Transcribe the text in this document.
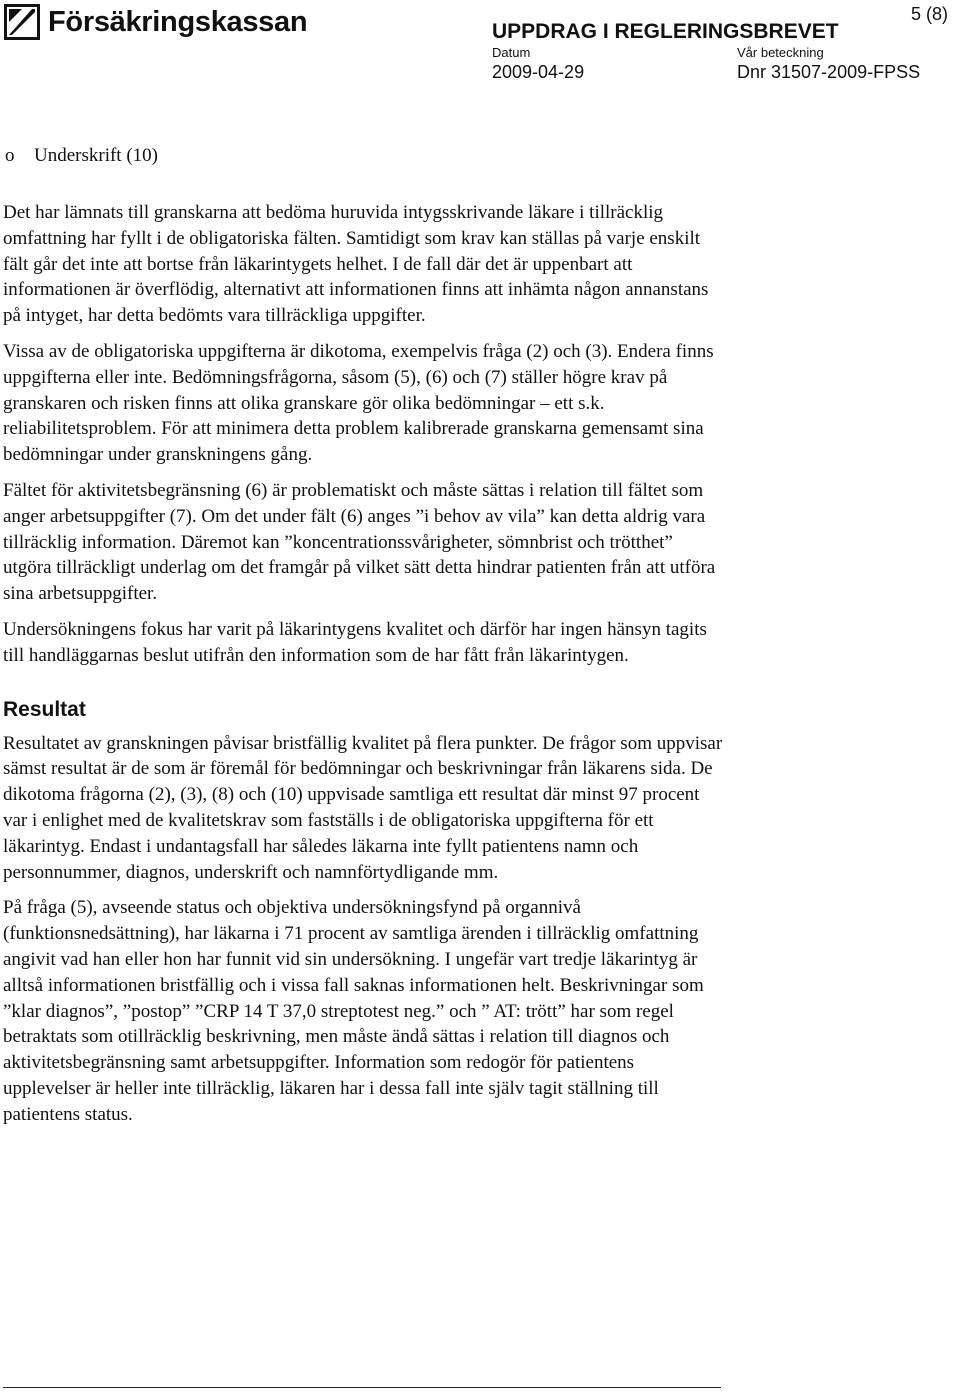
Försäkringskassan	UPPDRAG I REGLERINGSBREVET
5 (8)
Datum
2009-04-29
Vår beteckning
Dnr 31507-2009-FPSS
o Underskrift (10)

Det har lämnats till granskarna att bedöma huruvida intygsskrivande läkare i tillräcklig omfattning har fyllt i de obligatoriska fälten. Samtidigt som krav kan ställas på varje enskilt fält går det inte att bortse från läkarintygets helhet. I de fall där det är uppenbart att informationen är överflödig, alternativt att informationen finns att inhämta någon annanstans på intyget, har detta bedömts vara tillräckliga uppgifter.

Vissa av de obligatoriska uppgifterna är dikotoma, exempelvis fråga (2) och (3). Endera finns uppgifterna eller inte. Bedömningsfrågorna, såsom (5), (6) och (7) ställer högre krav på granskaren och risken finns att olika granskare gör olika bedömningar – ett s.k. reliabilitetsproblem. För att minimera detta problem kalibrerade granskarna gemensamt sina bedömningar under granskningens gång.

Fältet för aktivitetsbegränsning (6) är problematiskt och måste sättas i relation till fältet som anger arbetsuppgifter (7). Om det under fält (6) anges ”i behov av vila” kan detta aldrig vara tillräcklig information. Däremot kan ”koncentrationssvårigheter, sömnbrist och trötthet” utgöra tillräckligt underlag om det framgår på vilket sätt detta hindrar patienten från att utföra sina arbetsuppgifter.

Undersökningens fokus har varit på läkarintygens kvalitet och därför har ingen hänsyn tagits till handläggarnas beslut utifrån den information som de har fått från läkarintygen.

Resultat

Resultatet av granskningen påvisar bristfällig kvalitet på flera punkter. De frågor som uppvisar sämst resultat är de som är föremål för bedömningar och beskrivningar från läkarens sida. De dikotoma frågorna (2), (3), (8) och (10) uppvisade samtliga ett resultat där minst 97 procent var i enlighet med de kvalitetskrav som fastställs i de obligatoriska uppgifterna för ett läkarintyg. Endast i undantagsfall har således läkarna inte fyllt patientens namn och personnummer, diagnos, underskrift och namnförtydligande mm.

På fråga (5), avseende status och objektiva undersökningsfynd på organnivå (funktionsnedsättning), har läkarna i 71 procent av samtliga ärenden i tillräcklig omfattning angivit vad han eller hon har funnit vid sin undersökning. I ungefär vart tredje läkarintyg är alltså informationen bristfällig och i vissa fall saknas informationen helt. Beskrivningar som ”klar diagnos”, ”postop” ”CRP 14 T 37,0 streptotest neg.” och ” AT: trött” har som regel betraktats som otillräcklig beskrivning, men måste ändå sättas i relation till diagnos och aktivitetsbegränsning samt arbetsuppgifter. Information som redogör för patientens upplevelser är heller inte tillräcklig, läkaren har i dessa fall inte själv tagit ställning till patientens status.
